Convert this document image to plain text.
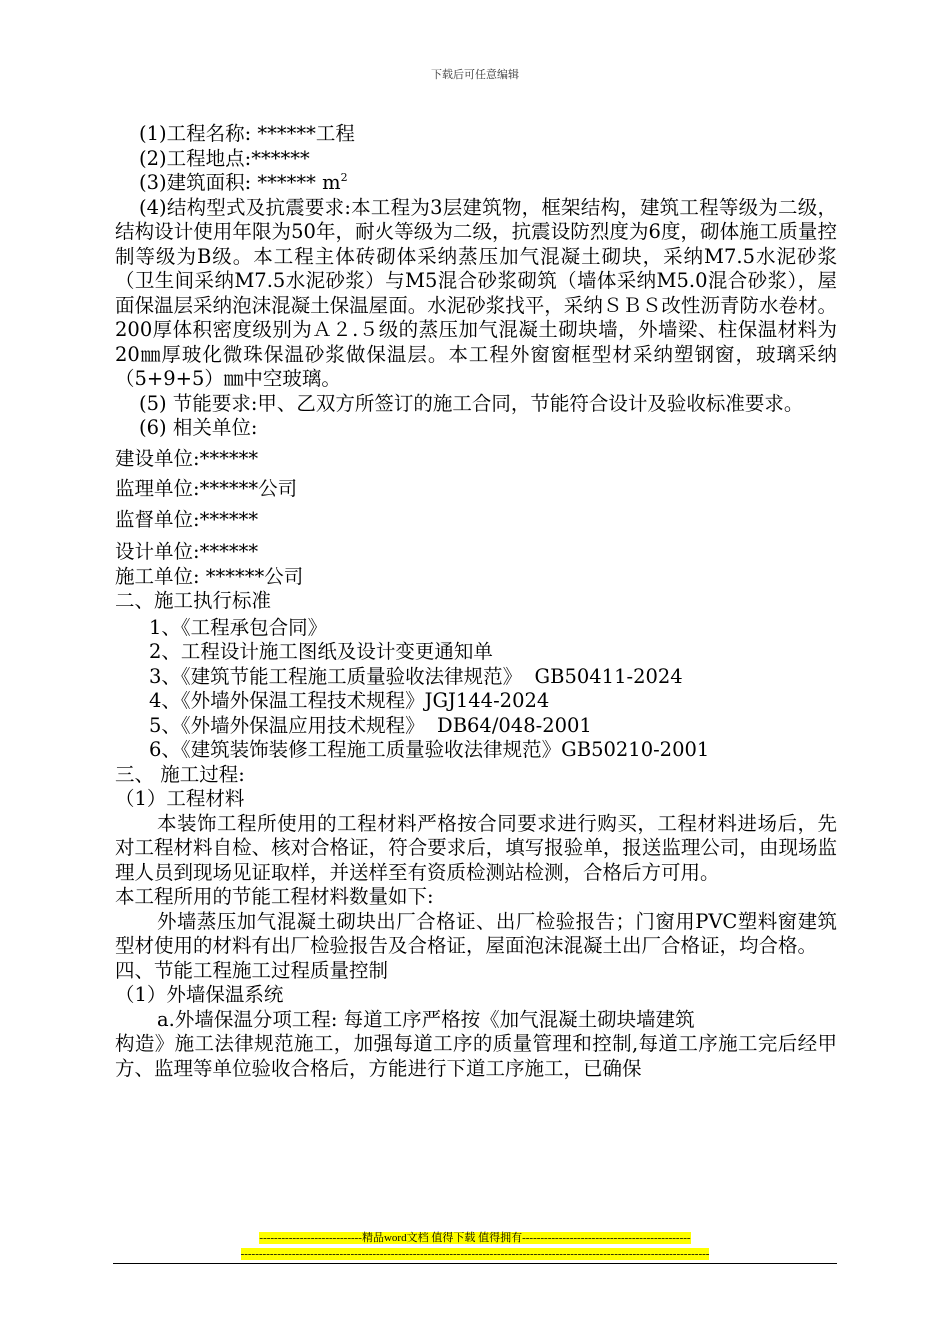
下载后可任意编辑

(1)工程名称: ******工程

(2)工程地点:******

(3)建筑面积: ****** $m^2$

(4)结构型式及抗震要求:本工程为3层建筑物，框架结构，建筑工程等级为二级，结构设计使用年限为50年，耐火等级为二级，抗震设防烈度为6度，砌体施工质量控制等级为B级。本工程主体砖砌体采纳蒸压加气混凝土砌块，采纳M7.5水泥砂浆（卫生间采纳M7.5水泥砂浆）与M5混合砂浆砌筑（墙体采纳M5.0混合砂浆），屋面保温层采纳泡沫混凝土保温屋面。水泥砂浆找平，采纳ＳＢＳ改性沥青防水卷材。200厚体积密度级别为Ａ２.５级的蒸压加气混凝土砌块墙，外墙梁、柱保温材料为20㎜厚玻化微珠保温砂浆做保温层。本工程外窗窗框型材采纳塑钢窗，玻璃采纳（5+9+5）㎜中空玻璃。

(5) 节能要求:甲、乙双方所签订的施工合同，节能符合设计及验收标准要求。

(6) 相关单位:

建设单位:******

监理单位:******公司

监督单位:******

设计单位:******

施工单位: ******公司

二、施工执行标准

1、《工程承包合同》

2、工程设计施工图纸及设计变更通知单

3、《建筑节能工程施工质量验收法律规范》  GB50411-2024

4、《外墙外保温工程技术规程》JGJ144-2024

5、《外墙外保温应用技术规程》  DB64/048-2001

6、《建筑装饰装修工程施工质量验收法律规范》GB50210-2001

三、 施工过程:

（1）工程材料

本装饰工程所使用的工程材料严格按合同要求进行购买，工程材料进场后，先对工程材料自检、核对合格证，符合要求后，填写报验单，报送监理公司，由现场监理人员到现场见证取样，并送样至有资质检测站检测，合格后方可用。

本工程所用的节能工程材料数量如下:

外墙蒸压加气混凝土砌块出厂合格证、出厂检验报告；门窗用PVC塑料窗建筑型材使用的材料有出厂检验报告及合格证，屋面泡沫混凝土出厂合格证，均合格。

四、节能工程施工过程质量控制

（1）外墙保温系统

a.外墙保温分项工程: 每道工序严格按《加气混凝土砌块墙建筑

构造》施工法律规范施工，加强每道工序的质量管理和控制,每道工序施工完后经甲方、监理等单位验收合格后，方能进行下道工序施工，已确保

----------------------------精品word文档 值得下载 值得拥有----------------------------------------------
--------------------------------------------------------------------------------------------------------------------------------
